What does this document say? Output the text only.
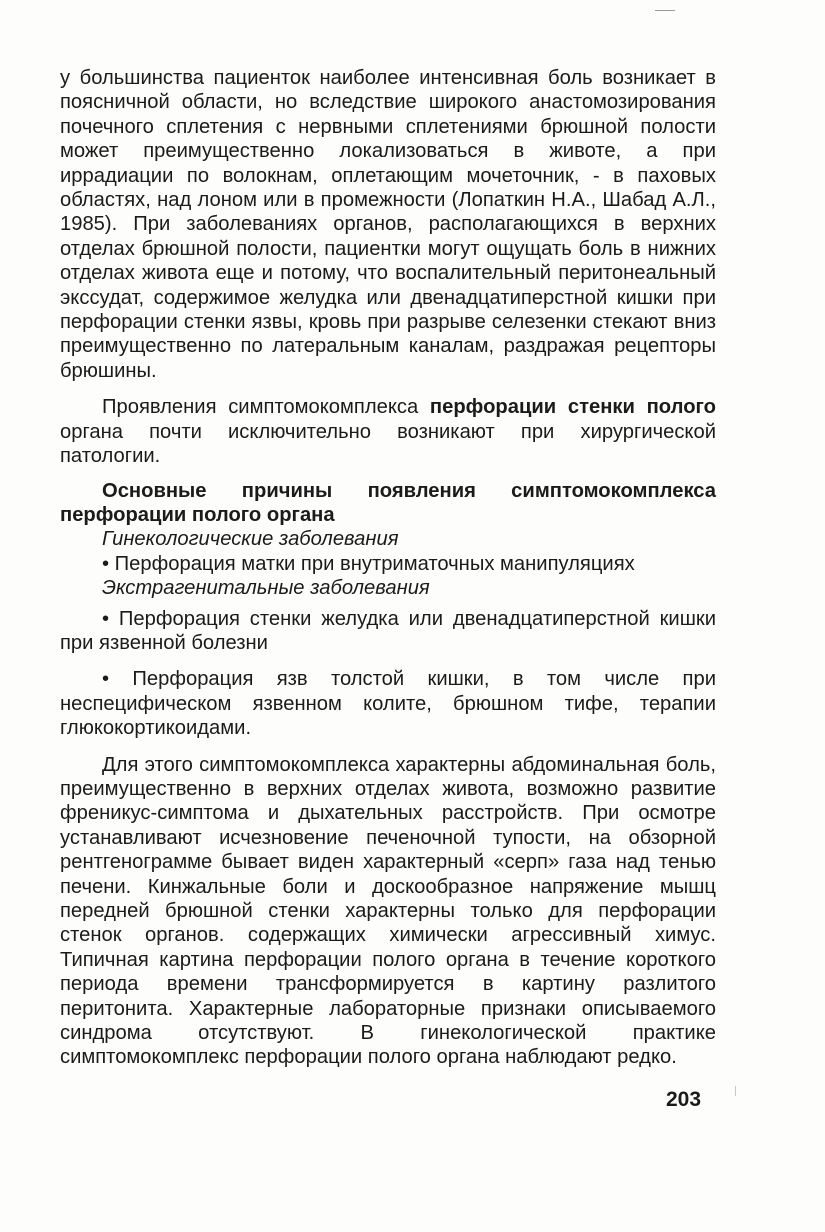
у большинства пациенток наиболее интенсивная боль возникает в поясничной области, но вследствие широкого анастомозирования почечного сплетения с нервными сплетениями брюшной полости может преимущественно локализоваться в животе, а при иррадиации по волокнам, оплетающим мочеточник, - в паховых областях, над лоном или в промежности (Лопаткин Н.А., Шабад А.Л., 1985). При заболеваниях органов, располагающихся в верхних отделах брюшной полости, пациентки могут ощущать боль в нижних отделах живота еще и потому, что воспалительный перитонеальный экссудат, содержимое желудка или двенадцатиперстной кишки при перфорации стенки язвы, кровь при разрыве селезенки стекают вниз преимущественно по латеральным каналам, раздражая рецепторы брюшины.

Проявления симптомокомплекса перфорации стенки полого органа почти исключительно возникают при хирургической патологии.

Основные причины появления симптомокомплекса перфорации полого органа

Гинекологические заболевания

• Перфорация матки при внутриматочных манипуляциях

Экстрагенитальные заболевания

• Перфорация стенки желудка или двенадцатиперстной кишки при язвенной болезни

• Перфорация язв толстой кишки, в том числе при неспецифическом язвенном колите, брюшном тифе, терапии глюкокортикоидами.

Для этого симптомокомплекса характерны абдоминальная боль, преимущественно в верхних отделах живота, возможно развитие френикус-симптома и дыхательных расстройств. При осмотре устанавливают исчезновение печеночной тупости, на обзорной рентгенограмме бывает виден характерный «серп» газа над тенью печени. Кинжальные боли и доскообразное напряжение мышц передней брюшной стенки характерны только для перфорации стенок органов. содержащих химически агрессивный химус. Типичная картина перфорации полого органа в течение короткого периода времени трансформируется в картину разлитого перитонита. Характерные лабораторные признаки описываемого синдрома отсутствуют. В гинекологической практике симптомокомплекс перфорации полого органа наблюдают редко.

203
